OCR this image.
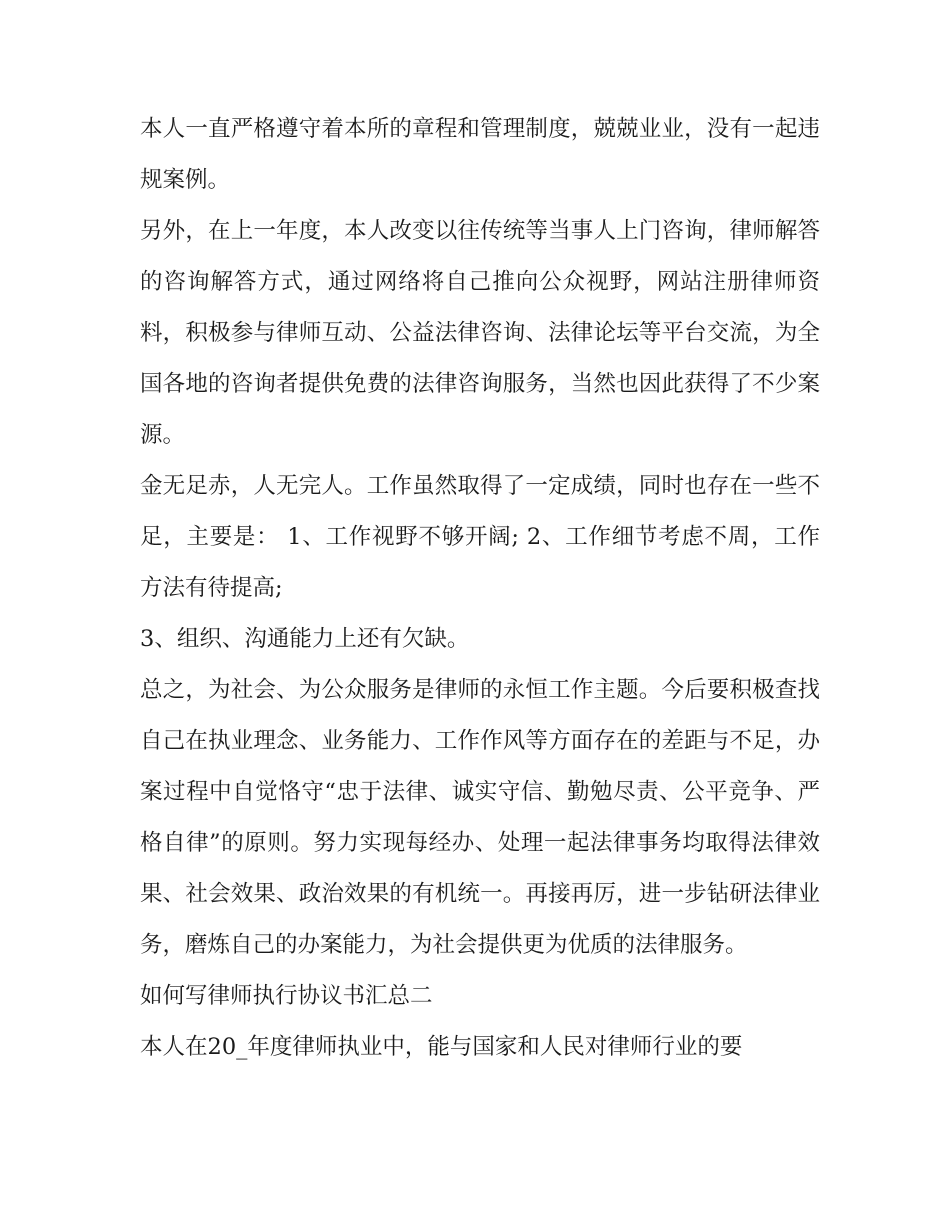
本人一直严格遵守着本所的章程和管理制度，兢兢业业，没有一起违规案例。

另外，在上一年度，本人改变以往传统等当事人上门咨询，律师解答的咨询解答方式，通过网络将自己推向公众视野，网站注册律师资料，积极参与律师互动、公益法律咨询、法律论坛等平台交流，为全国各地的咨询者提供免费的法律咨询服务，当然也因此获得了不少案源。

金无足赤，人无完人。工作虽然取得了一定成绩，同时也存在一些不足，主要是： 1、工作视野不够开阔; 2、工作细节考虑不周，工作方法有待提高;

3、组织、沟通能力上还有欠缺。

总之，为社会、为公众服务是律师的永恒工作主题。今后要积极查找自己在执业理念、业务能力、工作作风等方面存在的差距与不足，办案过程中自觉恪守“忠于法律、诚实守信、勤勉尽责、公平竞争、严格自律”的原则。努力实现每经办、处理一起法律事务均取得法律效果、社会效果、政治效果的有机统一。再接再厉，进一步钻研法律业务，磨炼自己的办案能力，为社会提供更为优质的法律服务。

如何写律师执行协议书汇总二

本人在20_年度律师执业中，能与国家和人民对律师行业的要
